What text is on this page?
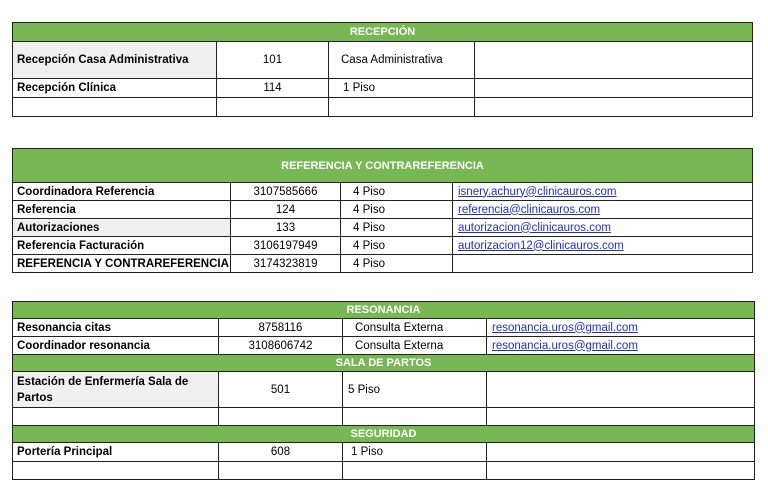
RECEPCIÓN			
Recepción Casa Administrativa	101	Casa Administrativa	
Recepción Clínica	114	1 Piso	

REFERENCIA Y CONTRAREFERENCIA			
Coordinadora Referencia	3107585666	4 Piso	isnery.achury@clinicauros.com
Referencia	124	4 Piso	referencia@clinicauros.com
Autorizaciones	133	4 Piso	autorizacion@clinicauros.com
Referencia Facturación	3106197949	4 Piso	autorizacion12@clinicauros.com
REFERENCIA Y CONTRAREFERENCIA	3174323819	4 Piso	
RESONANCIA			
Resonancia citas	8758116	Consulta Externa	resonancia.uros@gmail.com
Coordinador resonancia	3108606742	Consulta Externa	resonancia.uros@gmail.com
SALA DE PARTOS			
Estación de Enfermería Sala de Partos	501	5 Piso	

SEGURIDAD			
Portería Principal	608	1 Piso	
